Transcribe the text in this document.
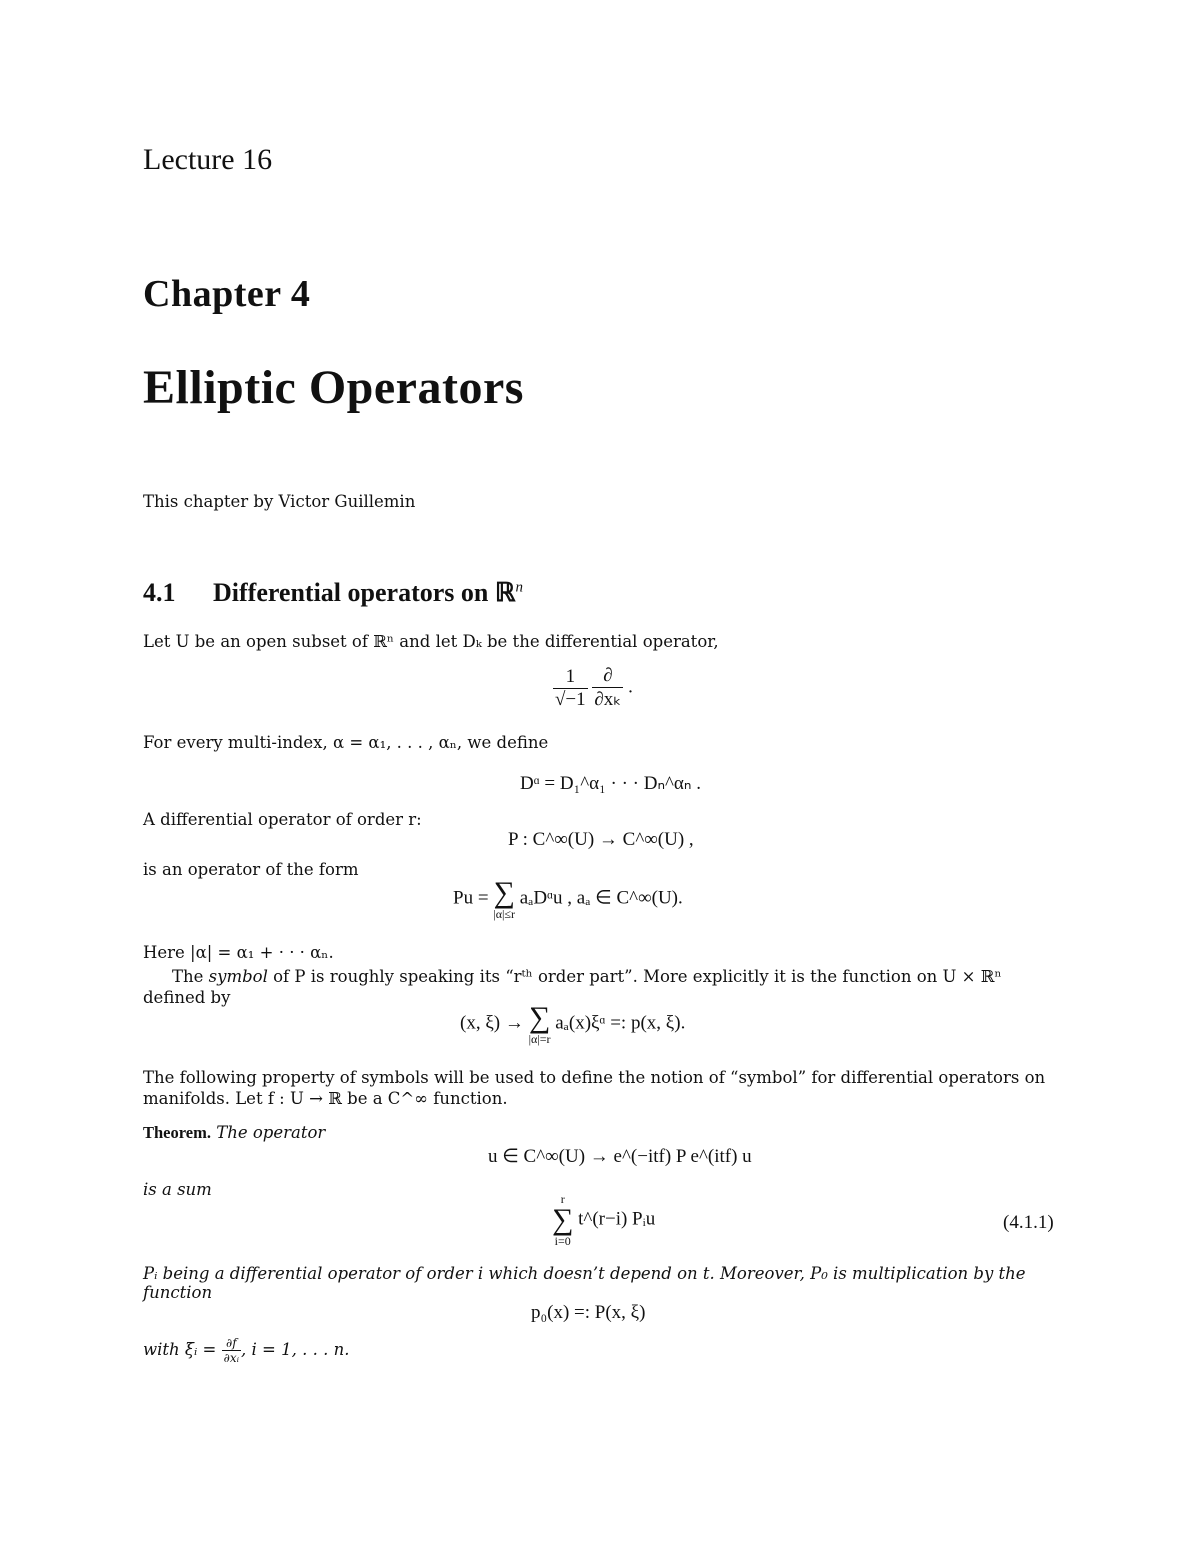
Lecture 16
Chapter 4
Elliptic Operators
This chapter by Victor Guillemin
4.1 Differential operators on ℝ$^n$
Let U be an open subset of ℝⁿ and let Dₖ be the differential operator,
$\frac{1}{√-1}$
$\frac{\partial}{\text{∂xₖ}}$ .
For every multi-index, α = α₁, . . . , αₙ, we define
Dᵅ = D₁^α₁ · · · Dₙ^αₙ .
A differential operator of order r:
P : C^∞(U) → C^∞(U) ,
is an operator of the form
Pu = ∑
|α|≤r
aₐDᵅu , aₐ ∈ C^∞(U).
Here |α| = α₁ + · · · αₙ.
The symbol of P is roughly speaking its “rᵗʰ order part”. More explicitly it is the function on U × ℝⁿ
defined by
(x, ξ) → ∑
|α|=r
aₐ(x)ξᵅ =: p(x, ξ).
The following property of symbols will be used to define the notion of “symbol” for differential operators on
manifolds. Let f : U → ℝ be a C^∞ function.
Theorem. The operator
u ∈ C^∞(U) → e^(−itf) P e^(itf) u
is a sum	r
∑
i=0
t^(r−i) Pᵢu	(4.1.1)
Pᵢ being a differential operator of order i which doesn’t depend on t. Moreover, P₀ is multiplication by the
function
p₀(x) =: P(x, ξ)
with ξᵢ = $\frac{\partial f}{\text{∂xᵢ}}$ , i = 1, . . . n.
